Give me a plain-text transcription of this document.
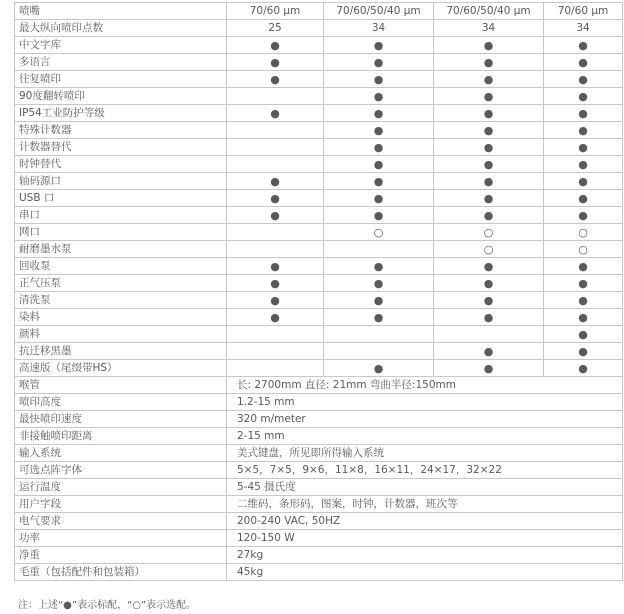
喷嘴	70/60 μm	70/60/50/40 μm	70/60/50/40 μm	70/60 μm
最大纵向喷印点数	25	34	34	34
中文字库	●	●	●	●
多语言	●	●	●	●
往复喷印	●	●	●	●
90度翻转喷印		●	●	●
IP54工业防护等级	●	●	●	●
特殊计数器		●	●	●
计数器替代		●	●	●
时钟替代		●	●	●
轴码源口	●	●	●	●
USB 口	●	●	●	●
串口	●	●	●	●
网口		○	○	○
耐磨墨水泵			○	○
回收泵	●	●	●	●
正气压泵	●	●	●	●
清洗泵	●	●	●	●
染料	●	●	●	●
颜料				●
抗迁移黑墨			●	●
高速版（尾缀带HS）		●	●	●
喉管	长: 2700mm 直径: 21mm 弯曲半径:150mm			
喷印高度	1.2-15 mm			
最快喷印速度	320 m/meter			
非接触喷印距离	2-15 mm			
输入系统	美式键盘，所见即所得输入系统			
可选点阵字体	5×5，7×5，9×6，11×8，16×11，24×17，32×22			
运行温度	5-45 摄氏度			
用户字段	二维码，条形码，图案，时钟，计数器，班次等			
电气要求	200-240 VAC, 50HZ			
功率	120-150 W			
净重	27kg			
毛重（包括配件和包装箱）	45kg			
注：上述“●”表示标配，“○”表示选配。
